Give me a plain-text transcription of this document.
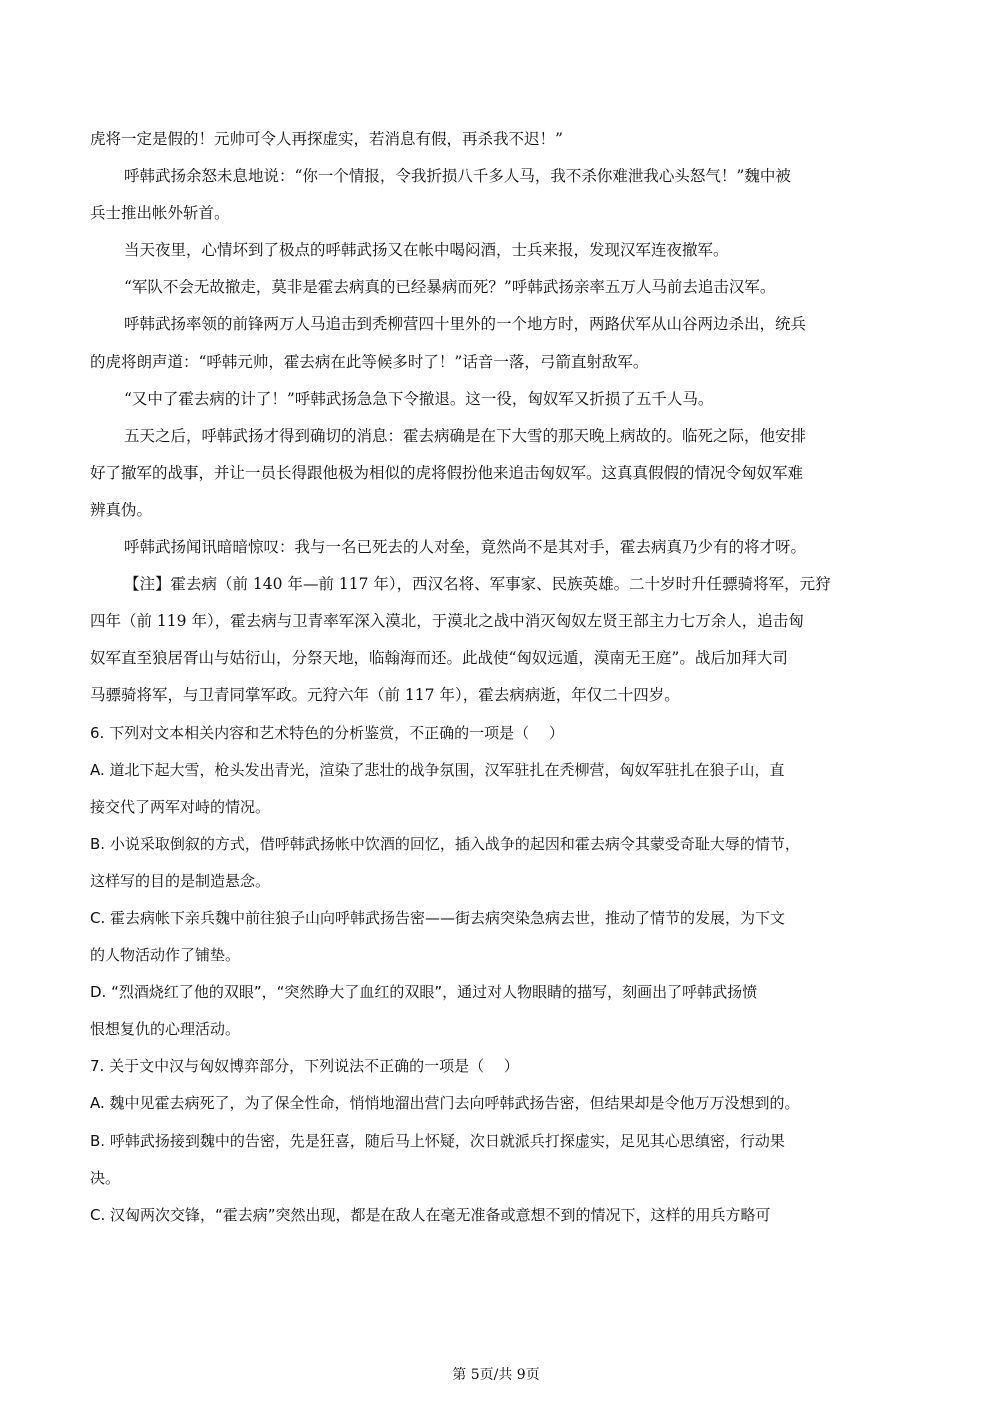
虎将一定是假的！元帅可令人再探虚实，若消息有假，再杀我不迟！”
呼韩武扬余怒未息地说：“你一个情报，令我折损八千多人马，我不杀你难泄我心头怒气！”魏中被
兵士推出帐外斩首。
当天夜里，心情坏到了极点的呼韩武扬又在帐中喝闷酒，士兵来报，发现汉军连夜撤军。
“军队不会无故撤走，莫非是霍去病真的已经暴病而死？”呼韩武扬亲率五万人马前去追击汉军。
呼韩武扬率领的前锋两万人马追击到秃柳营四十里外的一个地方时，两路伏军从山谷两边杀出，统兵
的虎将朗声道：“呼韩元帅，霍去病在此等候多时了！”话音一落，弓箭直射敌军。
“又中了霍去病的计了！”呼韩武扬急急下令撤退。这一役，匈奴军又折损了五千人马。
五天之后，呼韩武扬才得到确切的消息：霍去病确是在下大雪的那天晚上病故的。临死之际，他安排
好了撤军的战事，并让一员长得跟他极为相似的虎将假扮他来追击匈奴军。这真真假假的情况令匈奴军难
辨真伪。
呼韩武扬闻讯暗暗惊叹：我与一名已死去的人对垒，竟然尚不是其对手，霍去病真乃少有的将才呀。
【注】霍去病（前 140 年—前 117 年），西汉名将、军事家、民族英雄。二十岁时升任骠骑将军，元狩
四年（前 119 年），霍去病与卫青率军深入漠北，于漠北之战中消灭匈奴左贤王部主力七万余人，追击匈
奴军直至狼居胥山与姑衍山，分祭天地，临翰海而还。此战使“匈奴远遁，漠南无王庭”。战后加拜大司
马骠骑将军，与卫青同掌军政。元狩六年（前 117 年），霍去病病逝，年仅二十四岁。
6. 下列对文本相关内容和艺术特色的分析鉴赏，不正确的一项是（　 ）
A. 道北下起大雪，枪头发出青光，渲染了悲壮的战争氛围，汉军驻扎在秃柳营，匈奴军驻扎在狼子山，直
接交代了两军对峙的情况。
B. 小说采取倒叙的方式，借呼韩武扬帐中饮酒的回忆，插入战争的起因和霍去病令其蒙受奇耻大辱的情节，
这样写的目的是制造悬念。
C. 霍去病帐下亲兵魏中前往狼子山向呼韩武扬告密——街去病突染急病去世，推动了情节的发展，为下文
的人物活动作了铺垫。
D. “烈酒烧红了他的双眼”，“突然睁大了血红的双眼”，通过对人物眼睛的描写，刻画出了呼韩武扬愤
恨想复仇的心理活动。
7. 关于文中汉与匈奴博弈部分，下列说法不正确的一项是（　 ）
A. 魏中见霍去病死了，为了保全性命，悄悄地溜出营门去向呼韩武扬告密，但结果却是令他万万没想到的。
B. 呼韩武扬接到魏中的告密，先是狂喜，随后马上怀疑，次日就派兵打探虚实，足见其心思缜密，行动果
决。
C. 汉匈两次交锋，“霍去病”突然出现，都是在敌人在毫无准备或意想不到的情况下，这样的用兵方略可
第 5页/共 9页
